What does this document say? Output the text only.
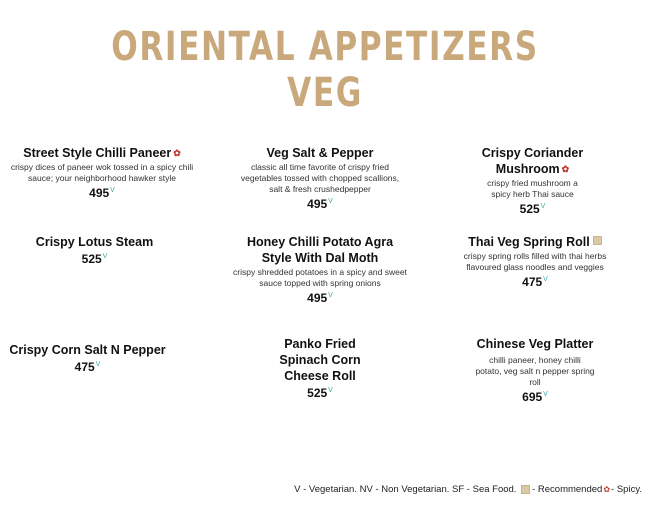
ORIENTAL APPETIZERS
VEG
Street Style Chilli Paneer ✿
crispy dices of paneer wok tossed in a spicy chili sauce; your neighborhood hawker style
$495^V$
Veg Salt & Pepper
classic all time favorite of crispy fried vegetables tossed with chopped scallions, salt & fresh crushedpepper
$495^V$
Crispy Coriander Mushroom ✿
crispy fried mushroom a spicy herb Thai sauce
$525^V$
Crispy Lotus Steam
$525^V$
Honey Chilli Potato Agra Style With Dal Moth
crispy shredded potatoes in a spicy and sweet sauce topped with spring onions
$495^V$
Thai Veg Spring Roll
crispy spring rolls filled with thai herbs flavoured glass noodles and veggies
$475^V$
Crispy Corn Salt N Pepper
$475^V$
Panko Fried Spinach Corn Cheese Roll
$525^V$
Chinese Veg Platter
chilli paneer, honey chilli potato, veg salt n pepper spring roll
$695^V$
V - Vegetarian. NV - Non Vegetarian. SF - Sea Food. - Recommended✿- Spicy.
